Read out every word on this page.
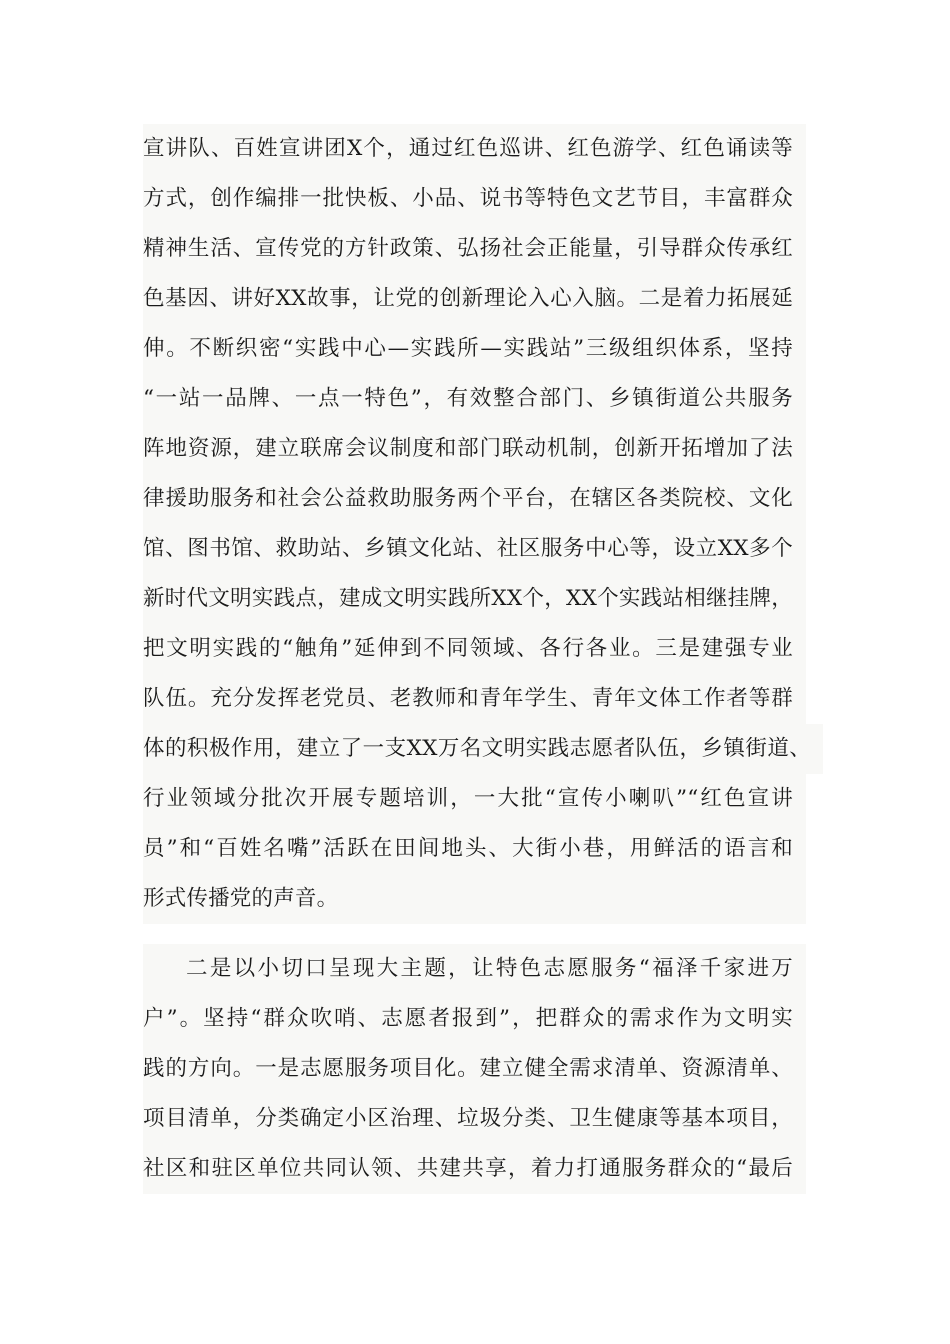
宣讲队、百姓宣讲团X个，通过红色巡讲、红色游学、红色诵读等
方式，创作编排一批快板、小品、说书等特色文艺节目，丰富群众
精神生活、宣传党的方针政策、弘扬社会正能量，引导群众传承红
色基因、讲好XX故事，让党的创新理论入心入脑。二是着力拓展延
伸。不断织密“实践中心—实践所—实践站”三级组织体系，坚持
“一站一品牌、一点一特色”，有效整合部门、乡镇街道公共服务
阵地资源，建立联席会议制度和部门联动机制，创新开拓增加了法
律援助服务和社会公益救助服务两个平台，在辖区各类院校、文化
馆、图书馆、救助站、乡镇文化站、社区服务中心等，设立XX多个
新时代文明实践点，建成文明实践所XX个，XX个实践站相继挂牌，
把文明实践的“触角”延伸到不同领域、各行各业。三是建强专业
队伍。充分发挥老党员、老教师和青年学生、青年文体工作者等群
体的积极作用，建立了一支XX万名文明实践志愿者队伍，乡镇街道、
行业领域分批次开展专题培训，一大批“宣传小喇叭”“红色宣讲
员”和“百姓名嘴”活跃在田间地头、大街小巷，用鲜活的语言和
形式传播党的声音。
二是以小切口呈现大主题，让特色志愿服务“福泽千家进万
户”。坚持“群众吹哨、志愿者报到”，把群众的需求作为文明实
践的方向。一是志愿服务项目化。建立健全需求清单、资源清单、
项目清单，分类确定小区治理、垃圾分类、卫生健康等基本项目，
社区和驻区单位共同认领、共建共享，着力打通服务群众的“最后
